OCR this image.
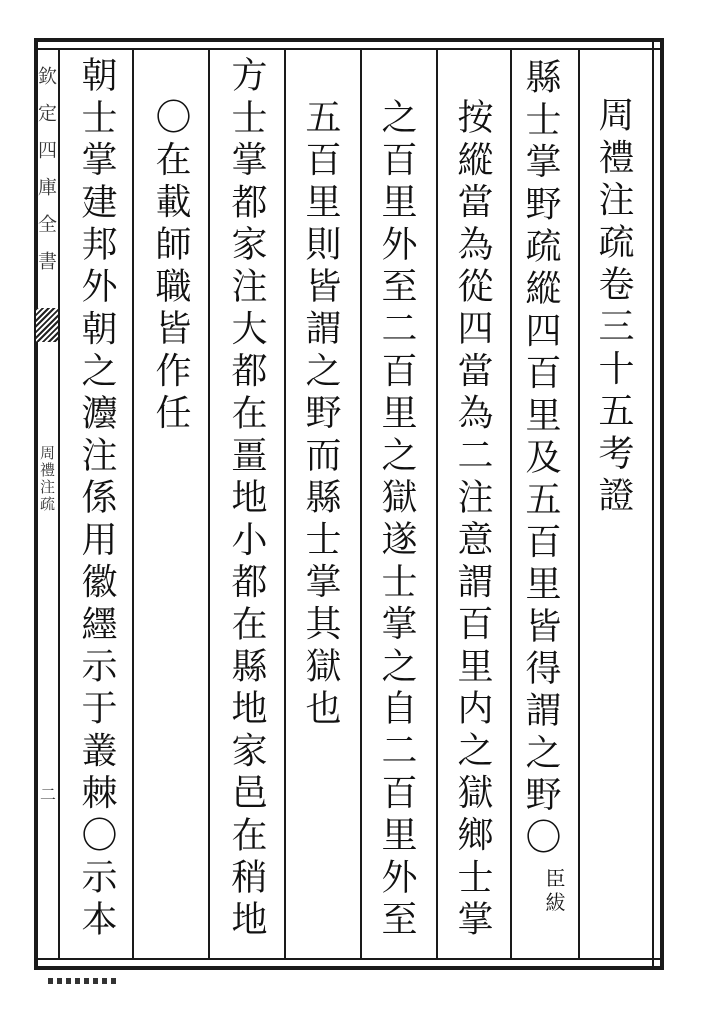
欽定四庫全書
周禮注疏
二
周禮注疏卷三十五考證
縣士掌野疏縱四百里及五百里皆得謂之野〇
臣紱
按縱當為從四當為二注意謂百里内之獄鄉士掌
之百里外至二百里之獄遂士掌之自二百里外至
五百里則皆謂之野而縣士掌其獄也
方士掌都家注大都在畺地小都在縣地家邑在稍地
〇在載師職皆作任
朝士掌建邦外朝之灋注係用徽纆示于叢棘〇示本
